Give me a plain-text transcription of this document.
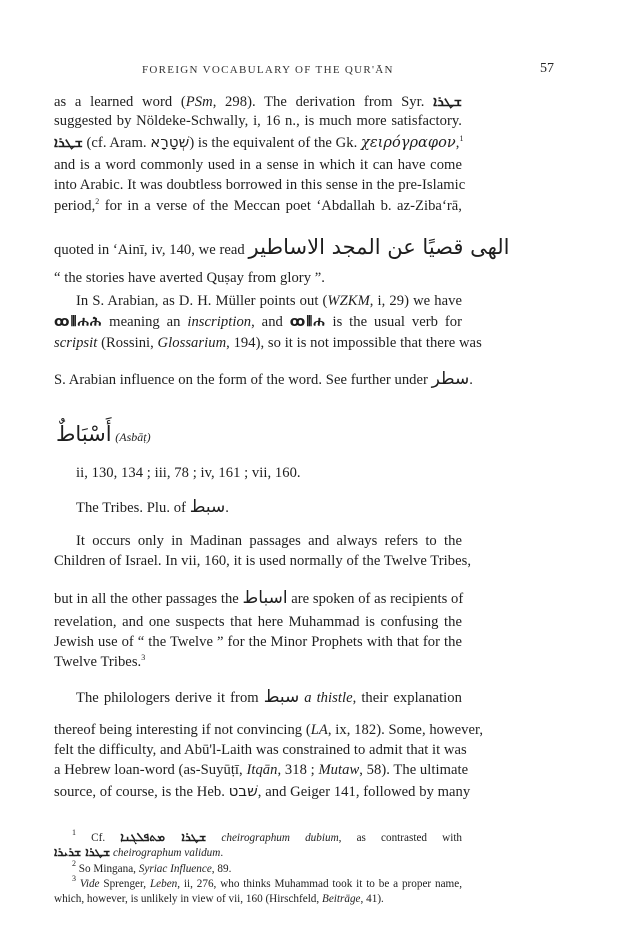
FOREIGN VOCABULARY OF THE QUR'ĀN	57
as a learned word (PSm, 298). The derivation from Syr. ܫܛܪܐ
suggested by Nöldeke-Schwally, i, 16 n., is much more satisfactory.
ܫܛܪܐ (cf. Aram. שְׁטָרָא) is the equivalent of the Gk. χειρόγραφον,$^1$
and is a word commonly used in a sense in which it can have come
into Arabic. It was doubtless borrowed in this sense in the pre-Islamic
period,$^2$ for in a verse of the Meccan poet ‘Abdallah b. az-Ziba‘rā,
quoted in ‘Ainī, iv, 140, we read الهى قصيًا عن المجد الاساطير
“ the stories have averted Quṣay from glory ”.
In S. Arabian, as D. H. Müller points out (WZKM, i, 29) we have
ꝏ⦀ሐሕ meaning an inscription, and ꝏ⦀ሐ is the usual verb for
scripsit (Rossini, Glossarium, 194), so it is not impossible that there was
S. Arabian influence on the form of the word. See further under سطر.
أَسْبَاطٌ (Asbāṭ)
ii, 130, 134 ; iii, 78 ; iv, 161 ; vii, 160.
The Tribes. Plu. of سبط.
It occurs only in Madinan passages and always refers to the
Children of Israel. In vii, 160, it is used normally of the Twelve Tribes,
but in all the other passages the اسباط are spoken of as recipients of
revelation, and one suspects that here Muhammad is confusing the
Jewish use of “ the Twelve ” for the Minor Prophets with that for the
Twelve Tribes.$^3$
The philologers derive it from سبط a thistle, their explanation
thereof being interesting if not convincing (LA, ix, 182). Some, however,
felt the difficulty, and Abū'l-Laith was constrained to admit that it was
a Hebrew loan-word (as-Suyūṭī, Itqān, 318 ; Mutaw, 58). The ultimate
source, of course, is the Heb. שׁבט, and Geiger 141, followed by many
$^1$ Cf. ܫܛܪܐ ܡܬܦܠܓܢܐ cheirographum dubium, as contrasted with
ܫܛܪܐ ܫܪܝܪܐ cheirographum validum.
$^2$ So Mingana, Syriac Influence, 89.
$^3$ Vide Sprenger, Leben, ii, 276, who thinks Muhammad took it to be a proper name,
which, however, is unlikely in view of vii, 160 (Hirschfeld, Beiträge, 41).
